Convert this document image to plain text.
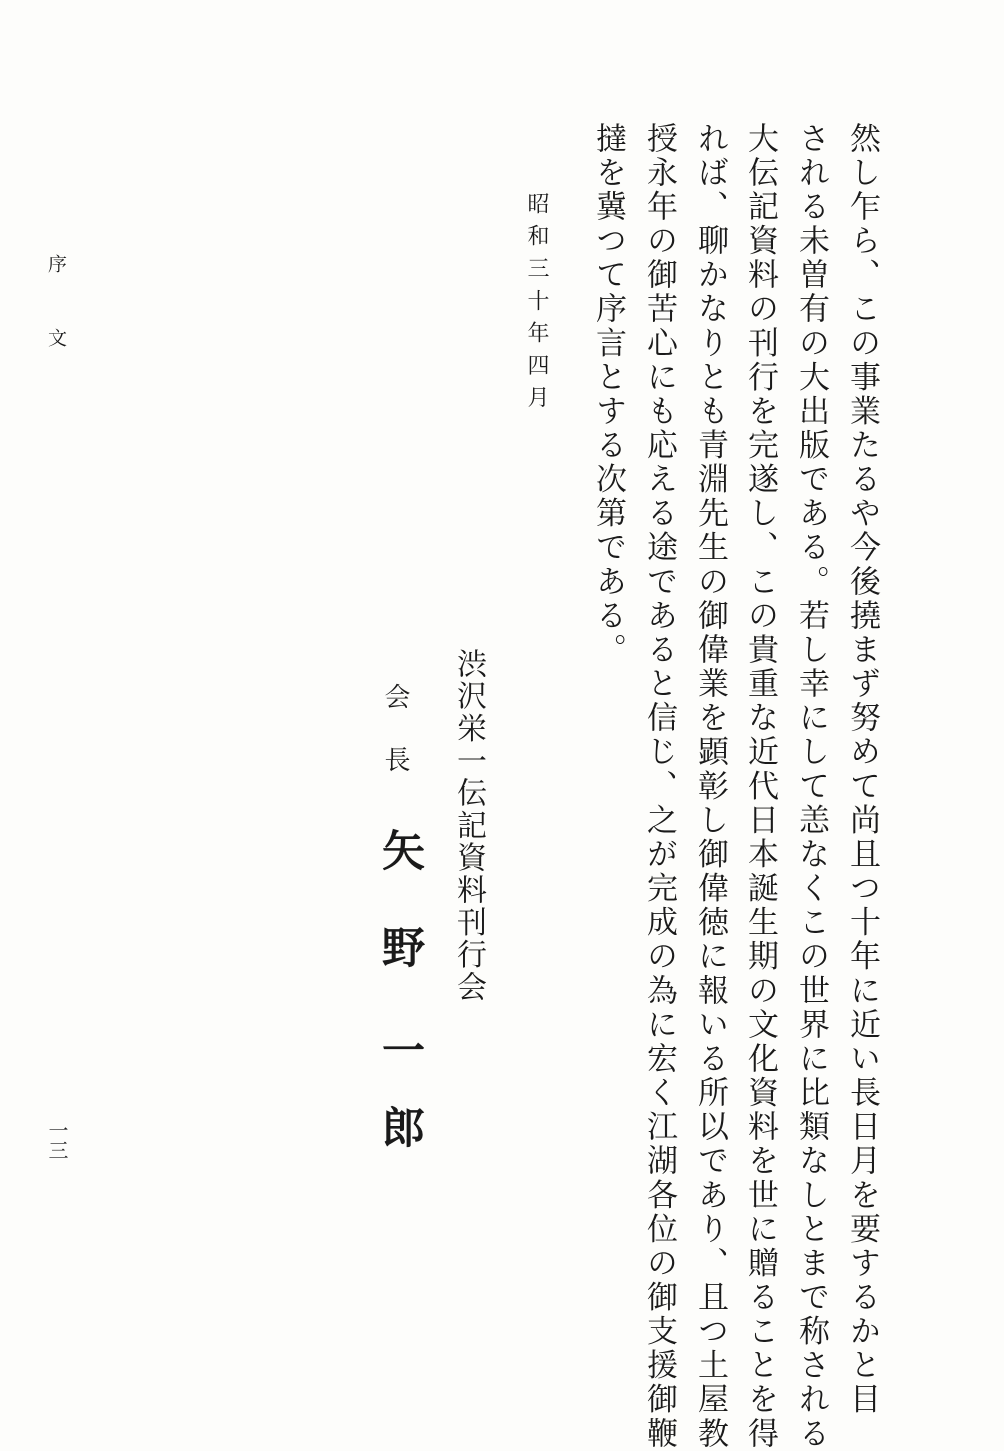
然し乍ら、この事業たるや今後撓まず努めて尚且つ十年に近い長日月を要するかと目
される未曽有の大出版である。若し幸にして恙なくこの世界に比類なしとまで称される
大伝記資料の刊行を完遂し、この貴重な近代日本誕生期の文化資料を世に贈ることを得
れば、聊かなりとも青淵先生の御偉業を顕彰し御偉徳に報いる所以であり、且つ土屋教
授永年の御苦心にも応える途であると信じ、之が完成の為に宏く江湖各位の御支援御鞭
撻を冀つて序言とする次第である。
昭和三十年四月
渋沢栄一伝記資料刊行会
会
長
矢
野
一
郎
序
文
一三
